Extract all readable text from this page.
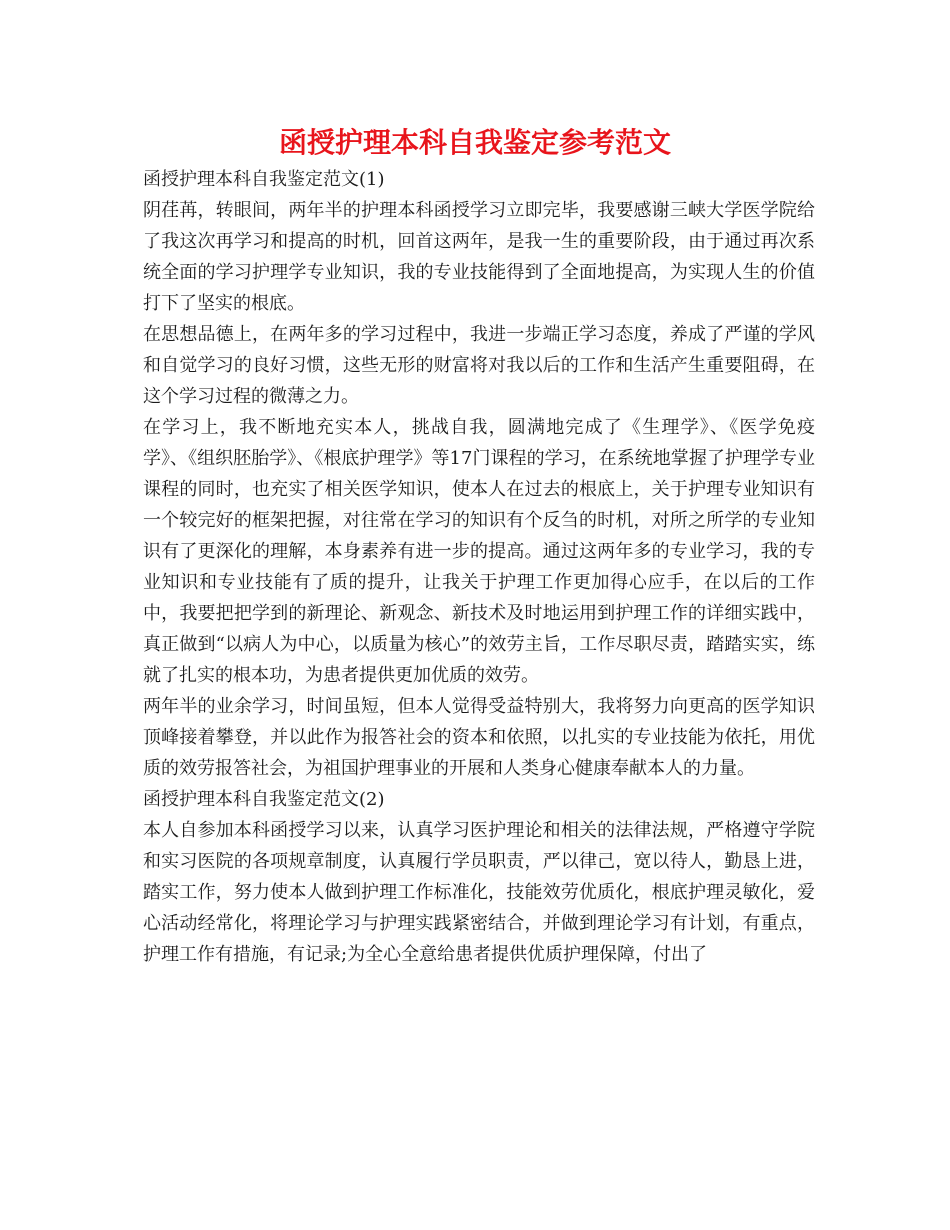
函授护理本科自我鉴定参考范文

函授护理本科自我鉴定范文(1)

阴荏苒，转眼间，两年半的护理本科函授学习立即完毕，我要感谢三峡大学医学院给了我这次再学习和提高的时机，回首这两年，是我一生的重要阶段，由于通过再次系统全面的学习护理学专业知识，我的专业技能得到了全面地提高，为实现人生的价值打下了坚实的根底。

在思想品德上，在两年多的学习过程中，我进一步端正学习态度，养成了严谨的学风和自觉学习的良好习惯，这些无形的财富将对我以后的工作和生活产生重要阻碍，在这个学习过程的微薄之力。

在学习上，我不断地充实本人，挑战自我，圆满地完成了《生理学》、《医学免疫学》、《组织胚胎学》、《根底护理学》等17门课程的学习，在系统地掌握了护理学专业课程的同时，也充实了相关医学知识，使本人在过去的根底上，关于护理专业知识有一个较完好的框架把握，对往常在学习的知识有个反刍的时机，对所之所学的专业知识有了更深化的理解，本身素养有进一步的提高。通过这两年多的专业学习，我的专业知识和专业技能有了质的提升，让我关于护理工作更加得心应手，在以后的工作中，我要把把学到的新理论、新观念、新技术及时地运用到护理工作的详细实践中，真正做到“以病人为中心，以质量为核心”的效劳主旨，工作尽职尽责，踏踏实实，练就了扎实的根本功，为患者提供更加优质的效劳。

两年半的业余学习，时间虽短，但本人觉得受益特别大，我将努力向更高的医学知识顶峰接着攀登，并以此作为报答社会的资本和依照，以扎实的专业技能为依托，用优质的效劳报答社会，为祖国护理事业的开展和人类身心健康奉献本人的力量。

函授护理本科自我鉴定范文(2)

本人自参加本科函授学习以来，认真学习医护理论和相关的法律法规，严格遵守学院和实习医院的各项规章制度，认真履行学员职责，严以律己，宽以待人，勤恳上进，踏实工作，努力使本人做到护理工作标准化，技能效劳优质化，根底护理灵敏化，爱心活动经常化，将理论学习与护理实践紧密结合，并做到理论学习有计划，有重点，护理工作有措施，有记录;为全心全意给患者提供优质护理保障，付出了
